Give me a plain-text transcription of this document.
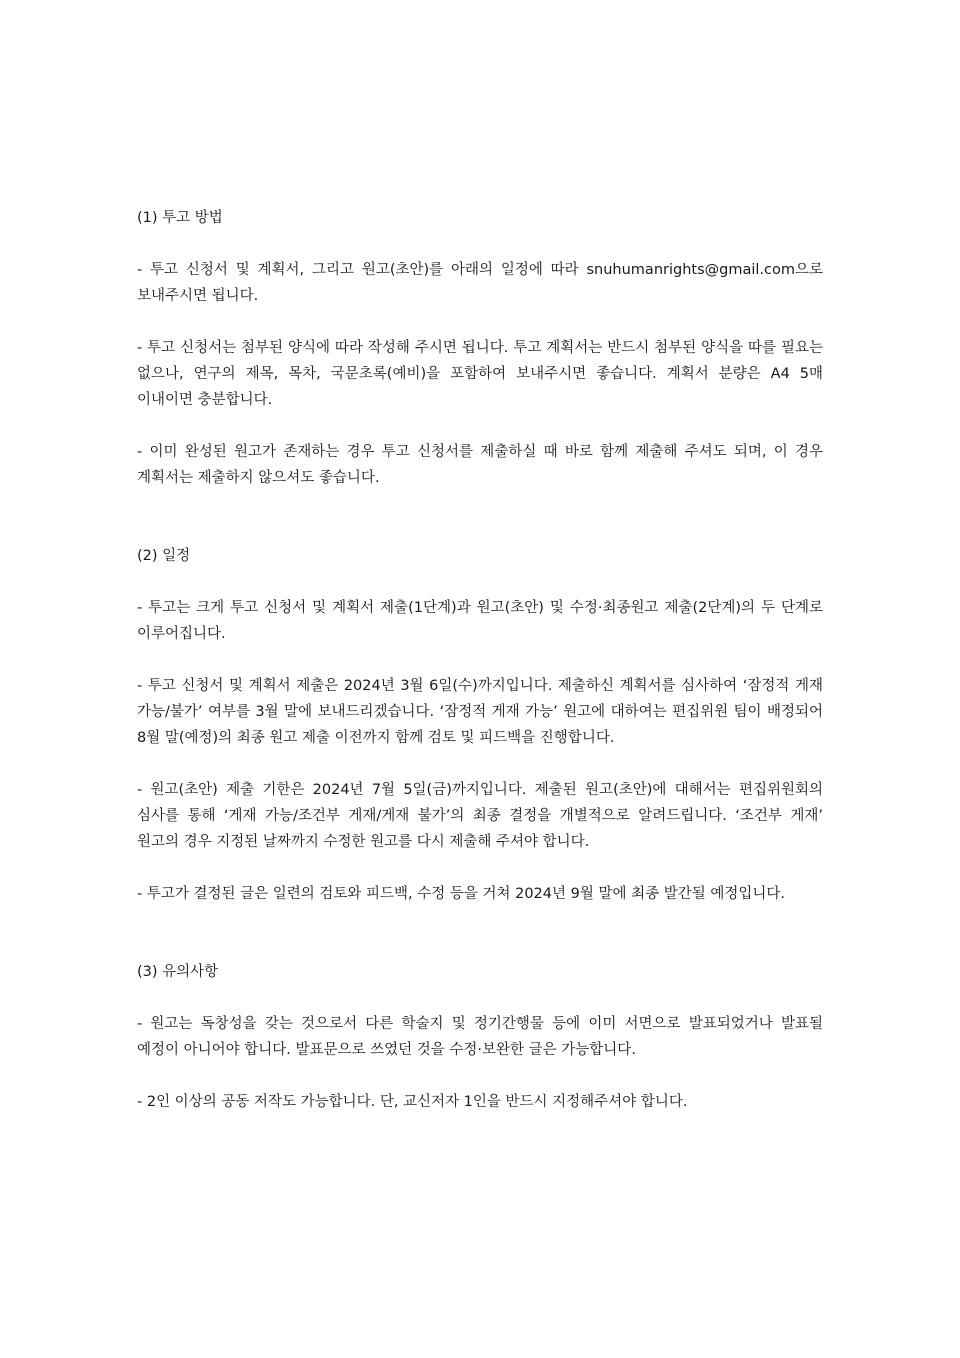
(1) 투고 방법

- 투고 신청서 및 계획서, 그리고 원고(초안)를 아래의 일정에 따라 snuhumanrights@gmail.com으로 보내주시면 됩니다.

- 투고 신청서는 첨부된 양식에 따라 작성해 주시면 됩니다. 투고 계획서는 반드시 첨부된 양식을 따를 필요는 없으나, 연구의 제목, 목차, 국문초록(예비)을 포함하여 보내주시면 좋습니다. 계획서 분량은 A4 5매 이내이면 충분합니다.

- 이미 완성된 원고가 존재하는 경우 투고 신청서를 제출하실 때 바로 함께 제출해 주셔도 되며, 이 경우 계획서는 제출하지 않으셔도 좋습니다.

(2) 일정

- 투고는 크게 투고 신청서 및 계획서 제출(1단계)과 원고(초안) 및 수정·최종원고 제출(2단계)의 두 단계로 이루어집니다.

- 투고 신청서 및 계획서 제출은 2024년 3월 6일(수)까지입니다. 제출하신 계획서를 심사하여 ‘잠정적 게재 가능/불가’ 여부를 3월 말에 보내드리겠습니다. ‘잠정적 게재 가능’ 원고에 대하여는 편집위원 팀이 배정되어 8월 말(예정)의 최종 원고 제출 이전까지 함께 검토 및 피드백을 진행합니다.

- 원고(초안) 제출 기한은 2024년 7월 5일(금)까지입니다. 제출된 원고(초안)에 대해서는 편집위원회의 심사를 통해 ‘게재 가능/조건부 게재/게재 불가’의 최종 결정을 개별적으로 알려드립니다. ‘조건부 게재’ 원고의 경우 지정된 날짜까지 수정한 원고를 다시 제출해 주셔야 합니다.

- 투고가 결정된 글은 일련의 검토와 피드백, 수정 등을 거쳐 2024년 9월 말에 최종 발간될 예정입니다.

(3) 유의사항

- 원고는 독창성을 갖는 것으로서 다른 학술지 및 정기간행물 등에 이미 서면으로 발표되었거나 발표될 예정이 아니어야 합니다. 발표문으로 쓰였던 것을 수정·보완한 글은 가능합니다.

- 2인 이상의 공동 저작도 가능합니다. 단, 교신저자 1인을 반드시 지정해주셔야 합니다.
